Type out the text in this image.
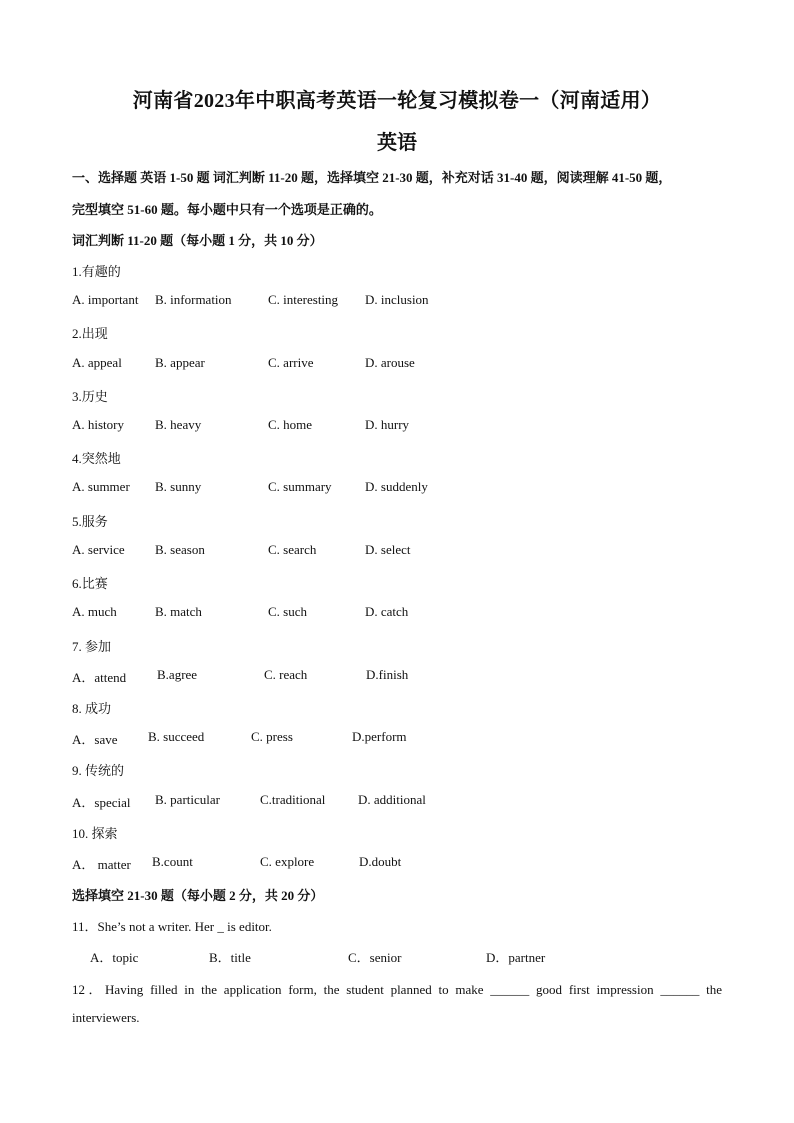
河南省2023年中职高考英语一轮复习模拟卷一（河南适用）
英语
一、选择题 英语 1-50 题 词汇判断 11-20 题，选择填空 21-30 题，补充对话 31-40 题，阅读理解 41-50 题，
完型填空 51-60 题。每小题中只有一个选项是正确的。
词汇判断 11-20 题（每小题 1 分，共 10 分）
1.有趣的
A. important B. information	C. interesting D. inclusion
2.出现
A. appeal	B. appear	C. arrive	D. arouse
3.历史
A. history B. heavy	C. home	D. hurry
4.突然地
A. summer B. sunny	C. summary	D. suddenly
5.服务
A. service B. season	C. search	D. select
6.比赛
A. much	B. match	C. such	D. catch
7. 参加
A．attend B.agree	C. reach	D.finish
8. 成功
A．save B. succeed	C. press	D.perform
9. 传统的
A．special B. particular	C.traditional	D. additional
10. 探索
A． matter B.count	C. explore	D.doubt
选择填空 21-30 题（每小题 2 分，共 20 分）
11．She’s not a writer. Her _ is editor.
A．topic	B．title	C．senior	D．partner
12．Having filled in the application form, the student planned to make ______ good first impression ______ the
interviewers.
